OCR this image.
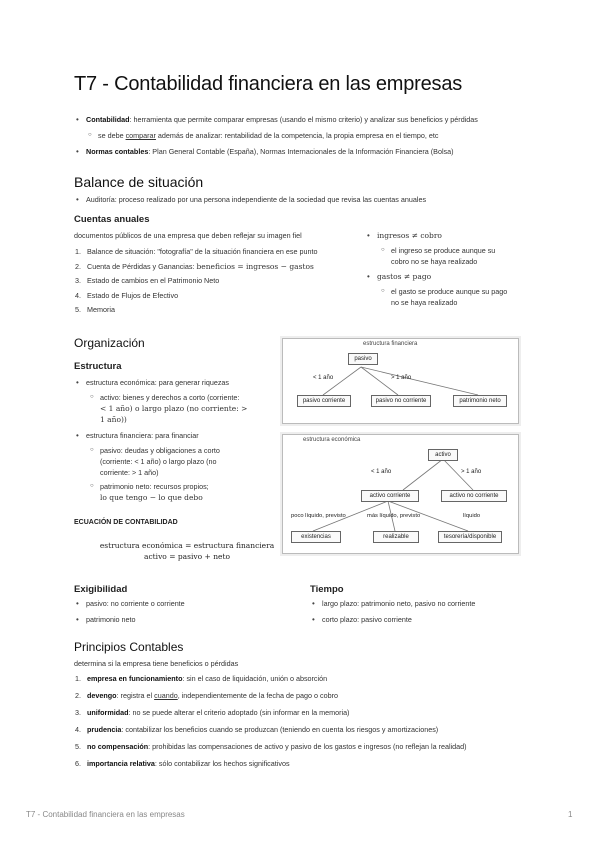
T7 - Contabilidad financiera en las empresas
• Contabilidad: herramienta que permite comparar empresas (usando el mismo criterio) y analizar sus beneficios y pérdidas
○ se debe comparar además de analizar: rentabilidad de la competencia, la propia empresa en el tiempo, etc
• Normas contables: Plan General Contable (España), Normas Internacionales de la Información Financiera (Bolsa)
Balance de situación
• Auditoría: proceso realizado por una persona independiente de la sociedad que revisa las cuentas anuales
Cuentas anuales
documentos públicos de una empresa que deben reflejar su imagen fiel
1. Balance de situación: "fotografía" de la situación financiera en ese punto
2. Cuenta de Pérdidas y Ganancias: beneficios = ingresos − gastos
3. Estado de cambios en el Patrimonio Neto
4. Estado de Flujos de Efectivo
5. Memoria
• ingresos ≠ cobro
○ el ingreso se produce aunque su
cobro no se haya realizado
• gastos ≠ pago
○ el gasto se produce aunque su pago
no se haya realizado
Organización
Estructura
• estructura económica: para generar riquezas
○ activo: bienes y derechos a corto (corriente:
< 1 año) o largo plazo (no corriente: >
1 año))
• estructura financiera: para financiar
○ pasivo: deudas y obligaciones a corto
(corriente: < 1 año) o largo plazo (no
corriente: > 1 año)
○ patrimonio neto: recursos propios;
lo que tengo − lo que debo
ECUACIÓN DE CONTABILIDAD
estructura económica = estructura financiera
activo = pasivo + neto
estructura financiera
pasivo
< 1 año	> 1 año
pasivo corriente	pasivo no corriente	patrimonio neto
estructura económica
activo
< 1 año	> 1 año
activo corriente	activo no corriente
poco líquido, previsto	más líquido, previsto	líquido
existencias	realizable	tesorería/disponible
Exigibilidad
• pasivo: no corriente o corriente
• patrimonio neto
Tiempo
• largo plazo: patrimonio neto, pasivo no corriente
• corto plazo: pasivo corriente
Principios Contables
determina si la empresa tiene beneficios o pérdidas
1. empresa en funcionamiento: sin el caso de liquidación, unión o absorción
2. devengo: registra el cuando, independientemente de la fecha de pago o cobro
3. uniformidad: no se puede alterar el criterio adoptado (sin informar en la memoria)
4. prudencia: contabilizar los beneficios cuando se produzcan (teniendo en cuenta los riesgos y amortizaciones)
5. no compensación: prohibidas las compensaciones de activo y pasivo de los gastos e ingresos (no reflejan la realidad)
6. importancia relativa: sólo contabilizar los hechos significativos
T7 - Contabilidad financiera en las empresas	1
